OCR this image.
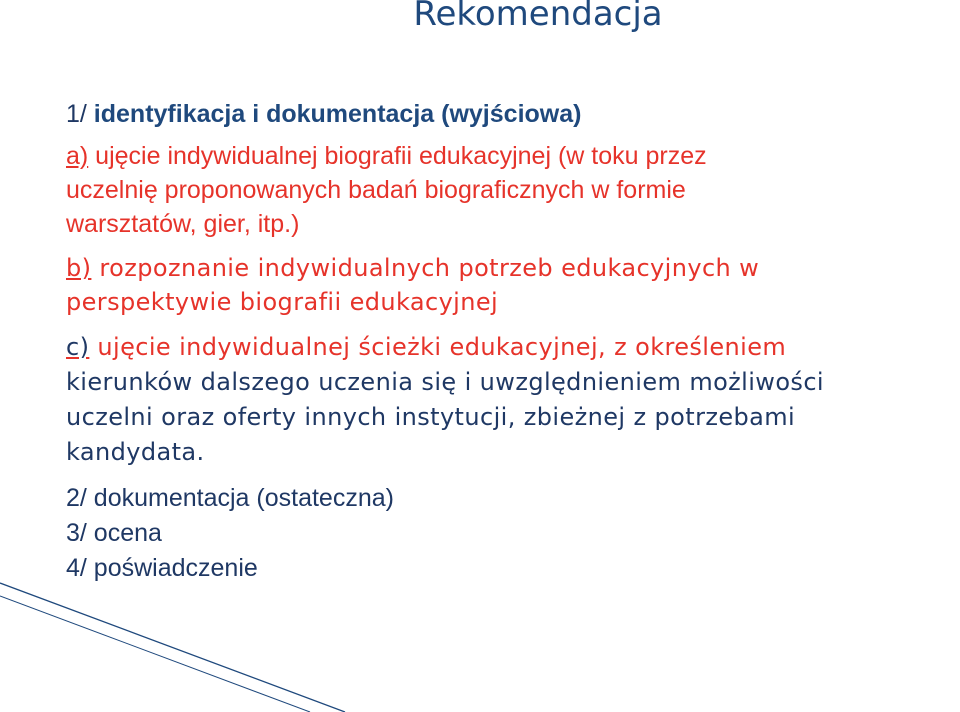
Rekomendacja
1/ identyfikacja i dokumentacja (wyjściowa)
a) ujęcie indywidualnej biografii edukacyjnej (w toku przez
uczelnię proponowanych badań biograficznych w formie
warsztatów, gier, itp.)
b) rozpoznanie indywidualnych potrzeb edukacyjnych w
perspektywie biografii edukacyjnej
c) ujęcie indywidualnej ścieżki edukacyjnej, z określeniem
kierunków dalszego uczenia się i uwzględnieniem możliwości
uczelni oraz oferty innych instytucji, zbieżnej z potrzebami
kandydata.
2/ dokumentacja (ostateczna)
3/ ocena
4/ poświadczenie
